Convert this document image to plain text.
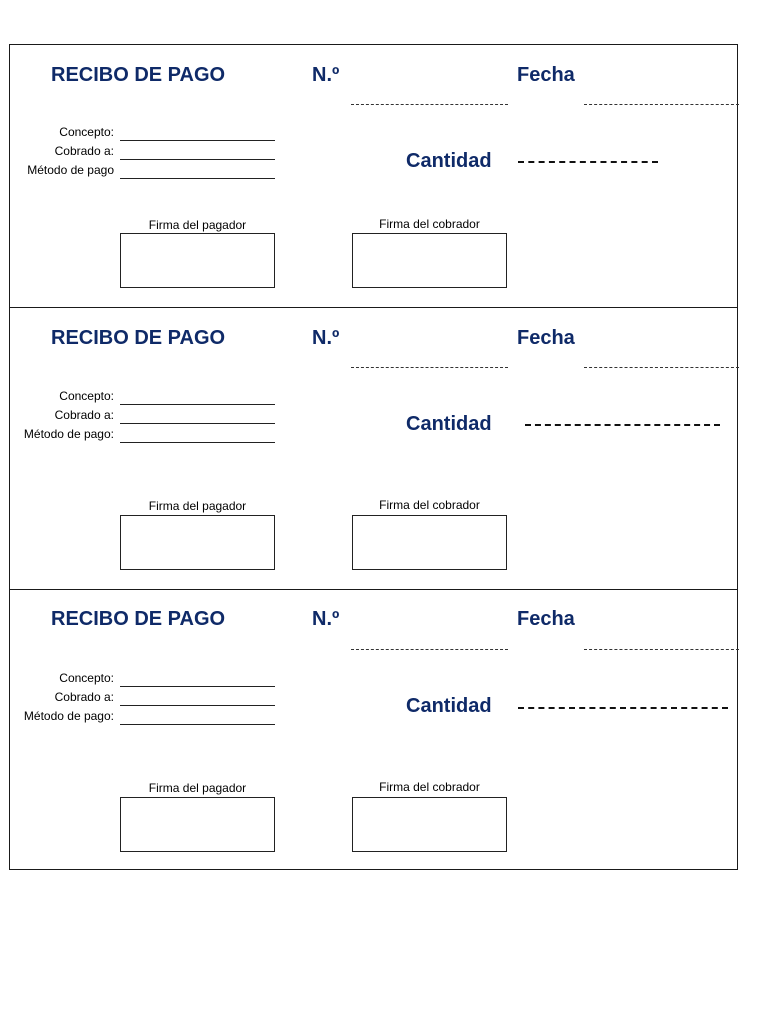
RECIBO DE PAGO	N.º	Fecha
Concepto:
Cobrado a:
Método de pago	Cantidad
Firma del pagador	Firma del cobrador
RECIBO DE PAGO	N.º	Fecha
Concepto:
Cobrado a:
Método de pago:	Cantidad
Firma del pagador	Firma del cobrador
RECIBO DE PAGO	N.º	Fecha
Concepto:
Cobrado a:
Método de pago:	Cantidad
Firma del pagador	Firma del cobrador
